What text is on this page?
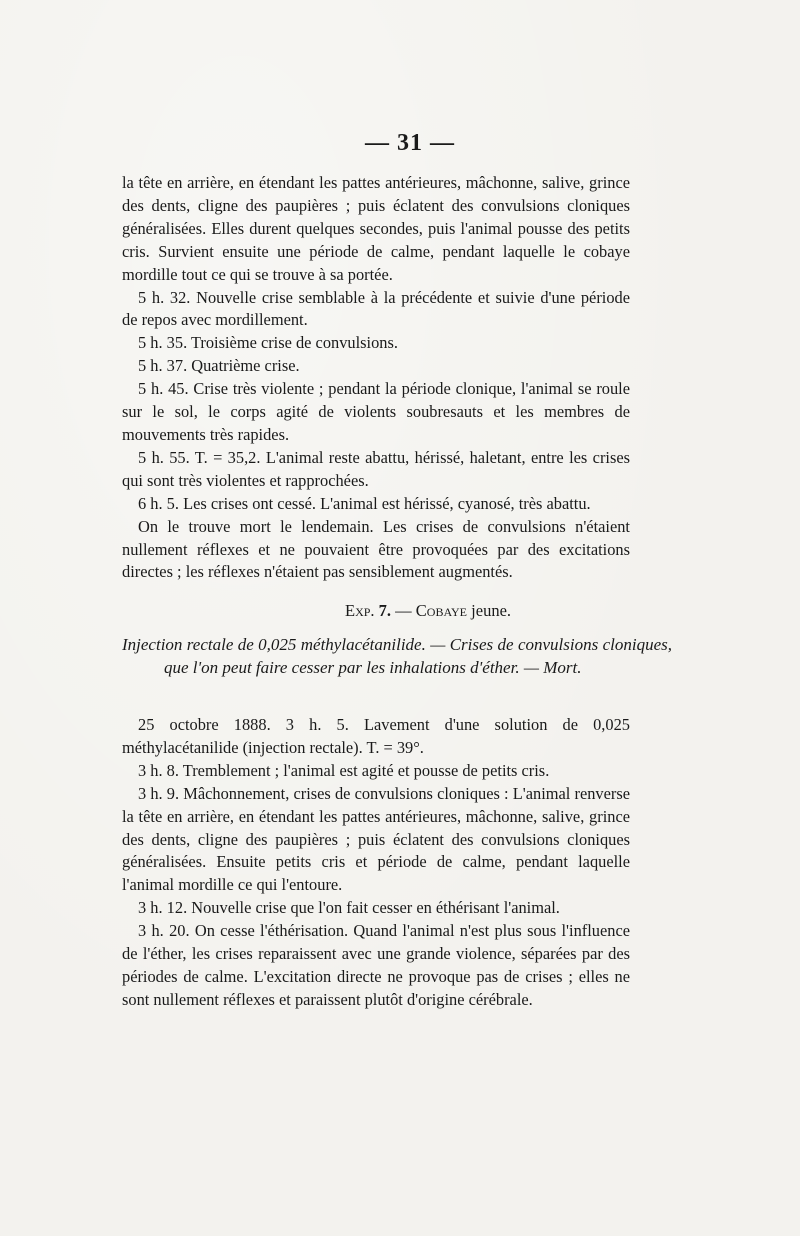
— 31 —

la tête en arrière, en étendant les pattes antérieures, mâchonne, salive, grince des dents, cligne des paupières ; puis éclatent des convulsions cloniques généralisées. Elles durent quelques secondes, puis l'animal pousse des petits cris. Survient ensuite une période de calme, pendant laquelle le cobaye mordille tout ce qui se trouve à sa portée.

5 h. 32. Nouvelle crise semblable à la précédente et suivie d'une période de repos avec mordillement.

5 h. 35. Troisième crise de convulsions.

5 h. 37. Quatrième crise.

5 h. 45. Crise très violente ; pendant la période clonique, l'animal se roule sur le sol, le corps agité de violents soubresauts et les membres de mouvements très rapides.

5 h. 55. T. = 35,2. L'animal reste abattu, hérissé, haletant, entre les crises qui sont très violentes et rapprochées.

6 h. 5. Les crises ont cessé. L'animal est hérissé, cyanosé, très abattu.

On le trouve mort le lendemain. Les crises de convulsions n'étaient nullement réflexes et ne pouvaient être provoquées par des excitations directes ; les réflexes n'étaient pas sensiblement augmentés.

Exp. 7. — Cobaye jeune.

Injection rectale de 0,025 méthylacétanilide. — Crises de convulsions cloniques, que l'on peut faire cesser par les inhalations d'éther. — Mort.

25 octobre 1888. 3 h. 5. Lavement d'une solution de 0,025 méthylacétanilide (injection rectale). T. = 39°.

3 h. 8. Tremblement ; l'animal est agité et pousse de petits cris.

3 h. 9. Mâchonnement, crises de convulsions cloniques : L'animal renverse la tête en arrière, en étendant les pattes antérieures, mâchonne, salive, grince des dents, cligne des paupières ; puis éclatent des convulsions cloniques généralisées. Ensuite petits cris et période de calme, pendant laquelle l'animal mordille ce qui l'entoure.

3 h. 12. Nouvelle crise que l'on fait cesser en éthérisant l'animal.

3 h. 20. On cesse l'éthérisation. Quand l'animal n'est plus sous l'influence de l'éther, les crises reparaissent avec une grande violence, séparées par des périodes de calme. L'excitation directe ne provoque pas de crises ; elles ne sont nullement réflexes et paraissent plutôt d'origine cérébrale.
